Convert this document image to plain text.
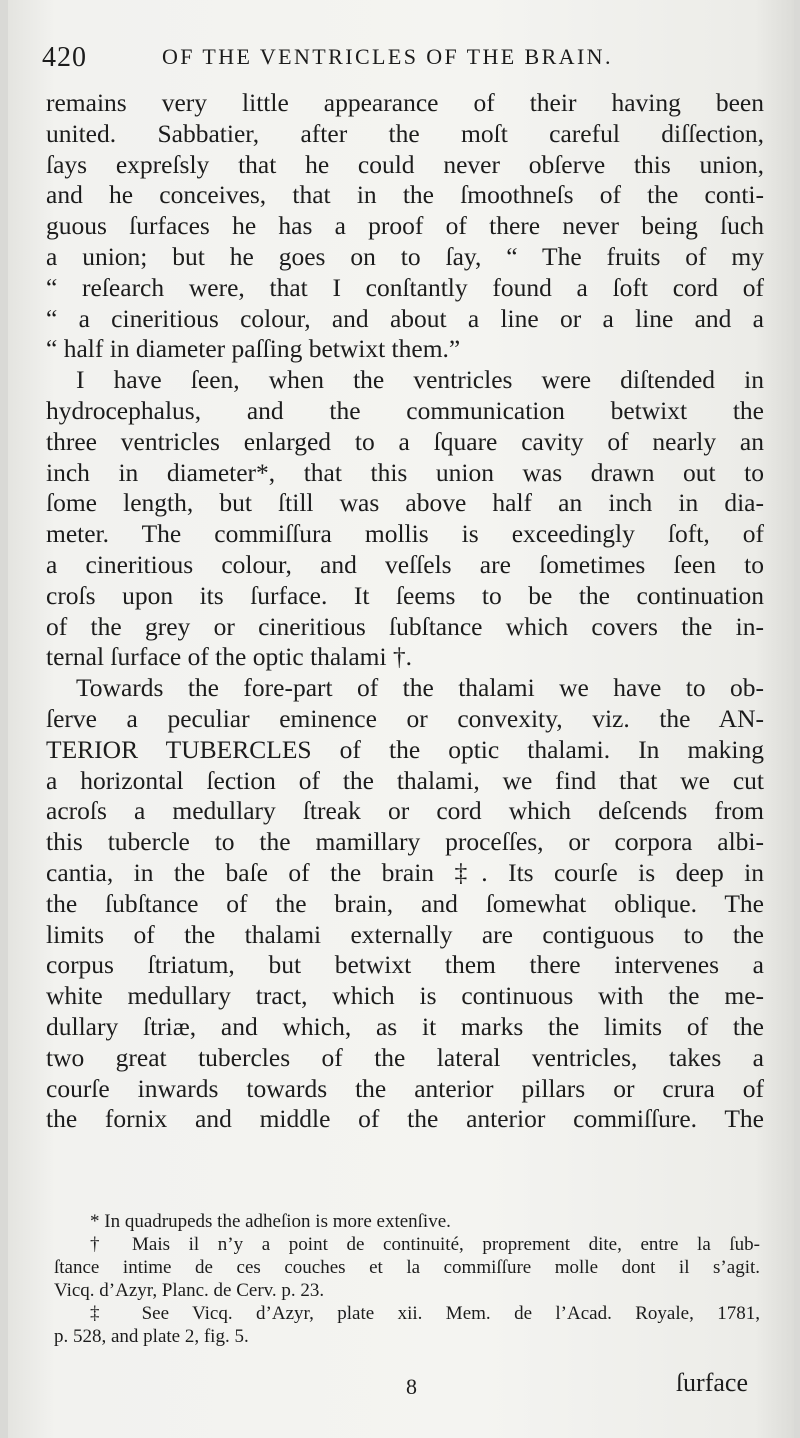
420	OF THE VENTRICLES OF THE BRAIN.
remains very little appearance of their having been
united. Sabbatier, after the moſt careful diſſection,
ſays expreſsly that he could never obſerve this union,
and he conceives, that in the ſmoothneſs of the conti-
guous ſurfaces he has a proof of there never being ſuch
a union; but he goes on to ſay, “ The fruits of my
“ reſearch were, that I conſtantly found a ſoft cord of
“ a cineritious colour, and about a line or a line and a
“ half in diameter paſſing betwixt them.”
I have ſeen, when the ventricles were diſtended in
hydrocephalus, and the communication betwixt the
three ventricles enlarged to a ſquare cavity of nearly an
inch in diameter*, that this union was drawn out to
ſome length, but ſtill was above half an inch in dia-
meter. The commiſſura mollis is exceedingly ſoft, of
a cineritious colour, and veſſels are ſometimes ſeen to
croſs upon its ſurface. It ſeems to be the continuation
of the grey or cineritious ſubſtance which covers the in-
ternal ſurface of the optic thalami †.
Towards the fore-part of the thalami we have to ob-
ſerve a peculiar eminence or convexity, viz. the AN-
TERIOR TUBERCLES of the optic thalami. In making
a horizontal ſection of the thalami, we find that we cut
acroſs a medullary ſtreak or cord which deſcends from
this tubercle to the mamillary proceſſes, or corpora albi-
cantia, in the baſe of the brain ‡. Its courſe is deep in
the ſubſtance of the brain, and ſomewhat oblique. The
limits of the thalami externally are contiguous to the
corpus ſtriatum, but betwixt them there intervenes a
white medullary tract, which is continuous with the me-
dullary ſtriæ, and which, as it marks the limits of the
two great tubercles of the lateral ventricles, takes a
courſe inwards towards the anterior pillars or crura of
the fornix and middle of the anterior commiſſure. The
* In quadrupeds the adheſion is more extenſive.
† Mais il n’y a point de continuité, proprement dite, entre la ſub-
ſtance intime de ces couches et la commiſſure molle dont il s’agit.
Vicq. d’Azyr, Planc. de Cerv. p. 23.
‡ See Vicq. d’Azyr, plate xii. Mem. de l’Acad. Royale, 1781,
p. 528, and plate 2, fig. 5.
8	ſurface
